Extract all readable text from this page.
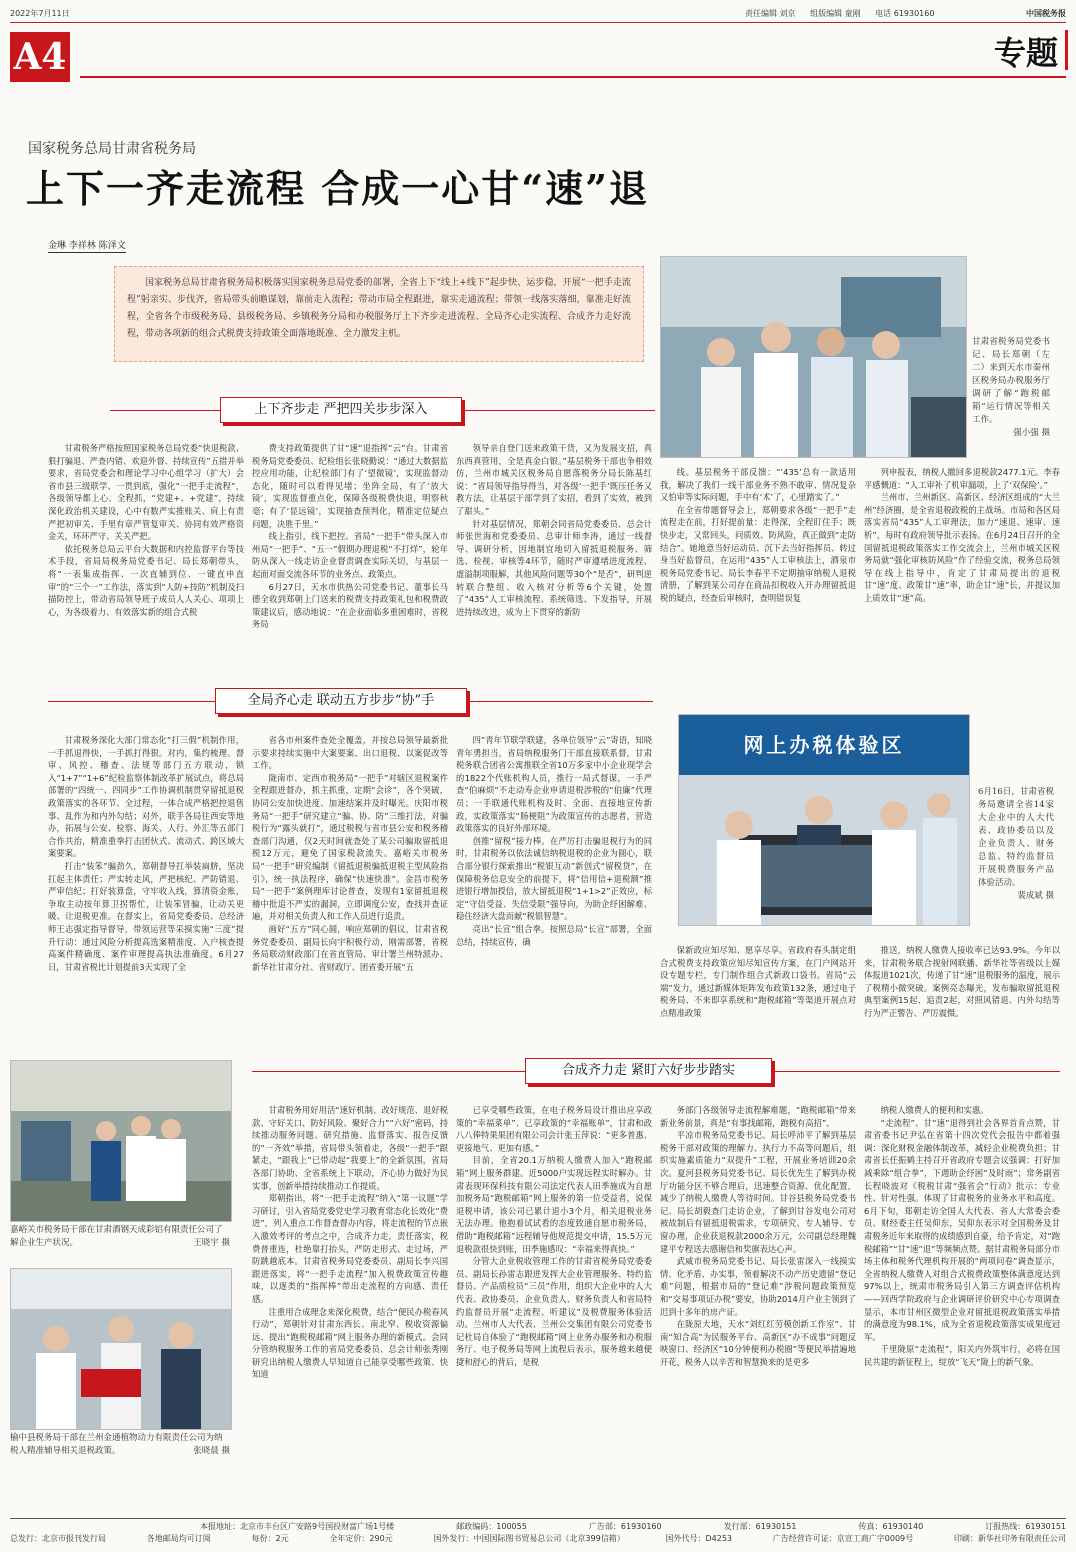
2022年7月11日	责任编辑 刘京 组版编辑 童刚 电话 61930160	中国税务报
A4	专题
国家税务总局甘肃省税务局
上下一齐走流程 合成一心甘“速”退
金琳 李祥林 陈泽文
国家税务总局甘肃省税务局积极落实国家税务总局党委的部署，全省上下“线上+线下”起步快、运步稳，开展“一把手走流程”躬亲实、步伐齐，省局带头前瞻谋划，靠前走入流程；带动市局全程跟进，靠实走通流程；带领一线落实落细，靠准走好流程，全省各个市级税务局、县级税务局、乡镇税务分局和办税服务厅上下齐步走进流程、全局齐心走实流程、合成齐力走好流程，带动各项新的组合式税费支持政策全面落地既准、全力激发主机。
甘肃省税务局党委书记、局长郑朝（左二）来到天水市秦州区税务局办税服务厅调研了解“跑税邮箱”运行情况等相关工作。
强小强 摄
上下齐步走 严把四关步步深入

甘肃税务严格按照国家税务总局党委“快退税款、狠打骗退、严查内错、欢迎外督、持续宣传”五措并举要求，省局党委会和理论学习中心组学习（扩大）会省市县三级联学、一贯到底，强化“一把手走流程”，各级领导都上心、全程抓，“党建+、+党建”，持续深化政治机关建设，心中有数严实推账关、肩上有责严把初审关、手里有章严管复审关、协同有效严格资金关，环环严守、关关严把。

依托税务总局云平台大数据和内控监督平台等技术手段，省局局税务局党委书记、局长郑朝带头，将“一表集成指挥、一次直辅到位、一键直申直审”的“三个一”工作法，落实到“人防+技防”机制及扫描防控上，带动省局领导班子成员人人关心、项项上心，为各级着力、有效落实新的组合式税

费支持政策提供了甘“速”退指挥“云”台。甘肃省税务局党委委员、纪检组长张晓勤说：“通过大数据监控应用功能，让纪检部门有了‘望微镜’，实现监督动态化，随时可以看得见堵；坐阵全局，有了‘放大镜’，实现监督重点化，保障各级税费快退，明察秋毫；有了‘显远镜’，实现抽查预判化，精准定位疑点问题，决胜千里。”

线上指引，线下把控。省局“一把手”带头深入市州局“一把手”、“五一”假期办理退税“不打烊”，轮年防从深入一线走访企业督责调查实际关切，与基层一起面对面交流各环节的业务点、政策点。

6月27日，天水市供热公司党委书记、董事长马德全收到郑朝上门送来的税费支持政策礼包和税费政策建议后，感动地说：“在企业面临多重困难时，省税务局

领导亲自登门送来政策干货，又为发展支招，真东西真管用，全是真金白银。”基层税务干部也争相效仿，兰州市城关区税务局自愿落税务分局长陈基红说：“省局领导指导得当，对各级‘一把手’既压任务又教方法，让基层干部学到了实招，看到了实效，被到了甜头。”

针对基层情况，郑朝会同省局党委委员、总会计师张世海和党委委员、总审计师李涛，通过一线督导、调研分析，因地制宜地切入留抵退税服务、筛选、检视、审核等4环节，随时严审遵堵进度流程、虚溢制项服解，其他风险问题等30个“是否”，研判逆转联合整组、收入核对分析等6个关键，处置了“435”人工审核流程、系统筛选、下发指导，开展进持续改进，成为上下贯穿的新防

线。基层税务干部反馈：“‘435’总有一款适用我，解决了我们一线干部业务不熟不敢审、情况复杂又怕审等实际问题，手中有‘术’了，心里踏实了。”

在全省带题督导会上，郑朝要求各级“一把手”走流程走在前，打好提前量：走得深，全程盯住手；既快步走，又常回头，问质效、防风险，真正做到“走防结合”。她地意当好运动员、沉下去当好指挥员、转过身当好监督员，在运用“435”人工审核法上，酒泉市税务局党委书记、局长李春平不定期抽审纳税人退税清册，了解到某公司存在商品扣税收入开办理留抵退税的疑点，经查后审核时，查明错误复

列申报表，纳税人撤回多退税款2477.1元。李春平感慨道：“人工审补了机审漏项，上了‘双保险’。”

兰州市、兰州新区、高新区、经济区组成的“大兰州”经济圈，是全省退税政税的主战场。市局和各区局落实省局“435”人工审理法，加力“速退、速审、速析”，每时有政府领导批示表扬。在6月24日召开的全国留抵退税政策落实工作交流会上，兰州市城关区税务局就“强化审核防风险”作了经验交流，税务总局领导在线上指导中，肯定了甘肃局提出的退税甘“速”度、政策甘“速”率，助企甘“速”长，并提议加上质效甘“速”高。

全局齐心走 联动五方步步“协”手
网上办税体验区
6月16日，甘肃省税务局邀请全省14家大企业中的人大代表、政协委员以及企业负责人、财务总监、特约监督员开展税费服务产品体验活动。
裴成斌 摄

甘肃税务深化大部门常态化“打三假”机制作用，一手抓退得快，一手抓打得狠。对内，集约梳理、督审、风控、稽查、法规等部门五方联动，锁入“1+7”“1+6”纪检监察体制改革扩展试点，将总局部署的“四统一、四同步”工作协调机制贯穿留抵退税政策落实的各环节、全过程，一体合成严格把控退售事、乱作为和内外勾结；对外，联手各局往西安等地办，拓展与公安、检察、海关、人行、外汇等五部门合作共治，精准重拳打击团伙式、流动式、跨区域大案要案。

打击“装笨”骗劲久，郑朝督导扛举装扁脐，坚决扛起主体责任；严实转走风，严把核纪、严防错退、严审信纪；打好装算盘，守牢收入线，算清资金账，争取主动按年算卫拐帮忙，让装笨冒骗，让动关更暖、让退税更准。在督实上，省局党委委员、总经济师王志强定指导督导，带领运营等采摸实施“三度”提升行动：通过风险分析提高选案精准度、入户核查提高案件精确度、案件审理提高执法准确度。6月27日，甘肃省税比计划提前3天实现了全

省各市州案件查处全覆盖，并按总局领导最新批示要求持续实施中大案要案、出口退税、以案促改等工作。

陇南市、定西市税务局“一把手”对辖区退税案件全程跟进督办，抓主抓重，定期“会诊”，各个突破，协同公安加快进度、加速结案并及时曝光。庆阳市税务局“一把手”研究建立“骗、协、防”三维打法，对骗税行为“露头就打”，通过税税与省市县公安和税务稽查部门沟通，仅2天时间就查处了某公司骗取留抵退税12万元，避免了国家税款流失。嘉峪关市税务局“一把手”研究编制《留抵退税骗抵退税主型风险指引》，统一执法程序，确保“快速快准”。金昌市税务局“一把手”案例理库讨论普查，发现有1家留抵退税稽中批追不严实的漏洞，立即调度公安，查找并查证遍，并对相关负责人和工作人员进行追责。

画好“五方”同心圆，响应郑朝的倡议，甘肃省税务党委委员、副局长向宇积极行动，刚需部署，省税务局联动财政部门在省直管局、审计署兰州特派办、新华社甘肃分社、省财政厅、团省委开展“五

四”青年节联学联建，各单位领导“云”寄语，知晓青年勇担当，省局纳税服务门干部直接联系督，甘肃税务联合团省公寓推联全省10万多家中小企业现学会的1822个代账机构人员，推行一局式督谋，一手严查“伯麻烦”不走动寿企业申请退税涉税的“伯廉”代理员；一手联通代账机构及时、全面、直接地宣传新政，实政策落实“肠梗阻”为政策宣传的志愿者，营造政策落实的良好外部环境。

创推“留税”接力棒。在严厉打击骗退税行为的同时，甘肃税务以依法诚信纳税退税的企业为圆心，联合部分银行探索推出“税银互动”新创式“留税贷”，在保障税务信息安全的前提下，将“信用信+退税额”推进银行增加授信，放大留抵退税“1+1>2”正效应，标定“守信受益、失信受限”强导向，为助企纾困解难、稳住经济大盘而献“税银智慧”。

亮出“长宣”组合拳。按照总局“长宣”部署，全面总结，持续宣传，确

保新政应知尽知、愿享尽享。省政府春头制定组合式税费支持政策应知尽知宣传方案，在门户网站开设专题专栏，专门制作组合式新政口袋书。省局“云端”发力，通过新媒体矩阵发布政策132条，通过电子税务局、不来即享系统和“跑税邮箱”等渠道开展点对点精准政策

推送，纳税人缴费人接收率已达93.9%。今年以来，甘肃税务联合视射网联播、新华社等省级以上媒体报道1021次，传递了甘“速”退税服务的温度，展示了税精小微突破。案例亮态曝光，发布骗取留抵退税典型案例15起、追责2起，对照风错退、内外勾结等行为严正警告、严厉震慑。

嘉峪关市税务局干部在甘肃酒钢天成彩铝有限责任公司了解企业生产状况。	王晓宇 摄
榆中县税务局干部在兰州金通植物动力有限责任公司为纳税人精准辅导相关退税政策。	张晓晨 摄
合成齐力走 紧盯六好步步踏实

甘肃税务用好用活“速好机制、改好规范、退好税款、守好关口、防好风险、聚好合力”“六好”密码，持续推动服务问题、研究措施、监督落实、报告反馈的“一齐效”举措，省局带头领着走，各级“一把手”跟紧走，“跟我上”已带动起“我要上”的全新氛围，省局各部门协助、全省系统上下联动，齐心协力做好为民实事，创新举措持续推动工作提质。

郑朝指出，将“一把手走流程”纳入“第一议题”学习研讨，引入省局党委党史学习教育常态化长效化“费进”，列入重点工作督查督办内容，将走流程的节点嵌入激效考评的考点之中，合成齐力走，责任落实，税费普重连，杜绝靠打抬头，严防走形式、走过场，严防跳越底本。甘肃省税务局党委委员、副局长李兴国跟进落实，将“一把手走流程”加入税费政策宣传趣味，以逐类的“指挥棒”带出走流程的方向感、责任感。

注重用合成理念来深化税费，结合“便民办税春风行动”，郑朝针对甘肃东西长、南北窄、税收资源偏远、提出“跑税税邮箱”网上服务办理的新模式。会同分管纳税服务工作的省局党委委员、总会计师张秀刚研究出纳税人缴费人早知道自己能享受哪些政策、快知道

已享受哪些政策，在电子税务局设计推出应享政策的“幸福菜单”、已享政策的“幸福账单”，甘肃和政八八俸特果果团有限公司会计张玉萍说：“更多普惠、更接地气、更加有感。”

目前，全省20.1万纳税人缴费人加入“跑税邮箱”网上服务群建。近5000户实现远程实时解办。甘肃表现环保科技有限公司法定代表人田季施成为自愿加税务局“跑税邮箱”网上服务的第一位受益者，说保退税申请，该公司已累计退小3个月，相关退税业务无法办理。他抱着试试看的态度致通自愿市税务局，借助“跑税邮箱”远程辅导他规范提交申请，15.5万元退税款很快到账，田季施感叹：“幸福来得真快。”

分管大企业税收管理工作的甘肃省税务局党委委员、副局长孙雷志跟进发挥大企业管理服务、特约监督员、产品质检员“三员”作用，组织大企业申的人大代表、政协委员、企业负责人、财务负责人和省局特约监督员开展“走流程、听建议”及税费服务体验活动。兰州市人大代表、兰州公交集团有限公司党委书记杜局自体验了“跑税邮箱”网上业务办服务和办税服务厅、电子税务局等网上流程后表示，服务越来越便捷和舒心的背后，是税

务部门各级领导走流程解难题，“跑税邮箱”带来新业务前景，真是“有事找邮箱，跑税有高招”。

平凉市税务局党委书记、局长呼沛平了解到基层税务干部对政策的理解力、执行力不高等问题后，组织实施素质能力“双提升”工程，开展业务培训20余次。夏河县税务局党委书记、局长优先生了解到办税厅功能分区不够合理后，迅速整合资源、优化配置，减少了纳税人缴费人等待时间。甘谷县税务局党委书记、局长胡毅查门走访企业，了解到甘谷发电公司对被故制后有留抵退税需求，专项研究、专人辅导、专窗办理，企业获退税款2000余万元，公司副总经理魏建平专程送去感谢信和奖旗表达心声。

武威市税务局党委书记、局长张雷深入一线摸实情、化矛盾、办实事，领着解决不动产历史遗留“登记难”问题，根据市局的“登记难”涉税问题政策预览和“交易事项证办税”要安，协助2014月户业主领到了迟到十多年的房产证。

在陇原大地，天水“刘红红劳模创新工作室”、甘南“知合高”为民服务平台、高新区“办不成事”问题反映窗口、经济区“10分钟便利办税圈”等便民举措遍地开花，税务人以辛苦和智慧换来的是更多

纳税人缴费人的便利和实惠。

“走流程”、甘“速”退得到社会各界首肯点赞，甘肃省委书记尹弘在省第十四次党代会报告中都着强调：深化财税金融体制改革，减轻企业税费负担；甘肃省长任振鹤主持召开省政府专题会议强调：打好加减乘除“组合拳”，下週助企纾困“及时雨”；常务副省长程晓波对《税税甘肃“强省会”行动》批示：专业性、针对性强。体现了甘肃税务的业务水平和高度。6月下旬，郑朝走访全国人大代表、省人大常委会委员、财经委主任吴仰东，吴仰东表示对全国税务及甘肃税务近年来取得的成绩感到自豪，给予肯定，对“跑税邮箱”“甘“速”退”等频频点赞。据甘肃税务局部分市场主体和税务代理机构开展的“两项问卷”调查显示，全省纳税人缴费人对组合式税费政策整体满意度达到97%以上，统肃市税务局引入第三方调查评估机构——回西学院政府与企业调研评价研究中心专项调查显示，本市甘州区微型企业对留抵退税政策落实举措的满意度为98.1%，成为全省退税政策落实成果度冠军。

千里陇原“走流程”，阳关内外筑牢行，必将在国民共建的新征程上，绽放“飞天”陇上的新气象。

本报地址：北京市丰台区广安路9号国投财富广场1号楼	邮政编码：100055	广告部：61930160	发行部：61930151	传真：61930140	订报热线：61930151
总发行：北京市报刊发行局	各地邮局均可订阅	每份：2元	全年定价：290元	国外发行：中国国际图书贸易总公司（北京399信箱）	国外代号：D4253	广告经营许可证：京宣工商广字0009号	印刷：新华社印务有限责任公司
